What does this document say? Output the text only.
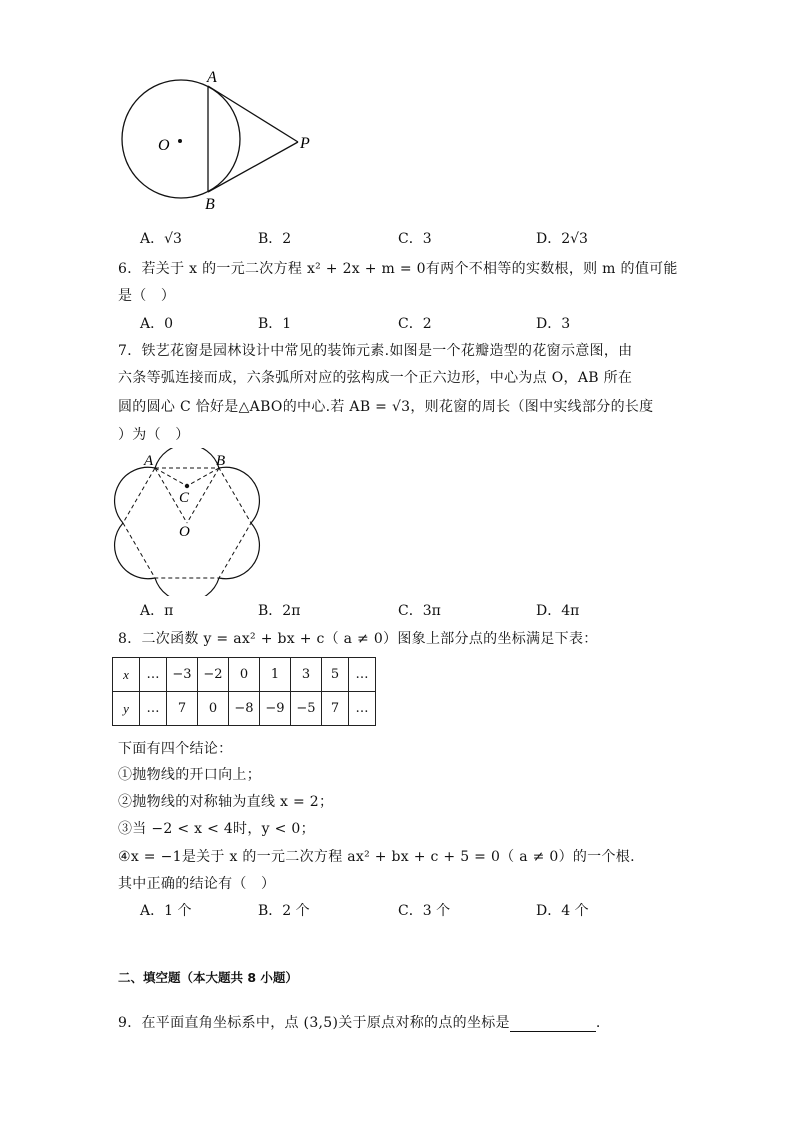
A
B
O	P
A．√3	B．2	C．3	D．2√3
6．若关于 x 的一元二次方程 x² + 2x + m = 0有两个不相等的实数根，则 m 的值可能
是（　）
A．0	B．1	C．2	D．3
7．铁艺花窗是园林设计中常见的装饰元素.如图是一个花瓣造型的花窗示意图，由
六条等弧连接而成，六条弧所对应的弦构成一个正六边形，中心为点 O，AB 所在
圆的圆心 C 恰好是△ABO的中心.若 AB = √3，则花窗的周长（图中实线部分的长度
）为（　）
A	B
C
O
A．π	B．2π	C．3π	D．4π
8．二次函数 y = ax² + bx + c（ a ≠ 0）图象上部分点的坐标满足下表：
x	…	−3	−2	0	1	3	5	…
y	…	7	0	−8	−9	−5	7	…
下面有四个结论：
①抛物线的开口向上；
②抛物线的对称轴为直线 x = 2；
③当 −2 < x < 4时，y < 0；
④x = −1是关于 x 的一元二次方程 ax² + bx + c + 5 = 0（ a ≠ 0）的一个根.
其中正确的结论有（　）
A．1 个	B．2 个	C．3 个	D．4 个
二、填空题（本大题共 8 小题）
9．在平面直角坐标系中，点 (3,5)关于原点对称的点的坐标是	.
